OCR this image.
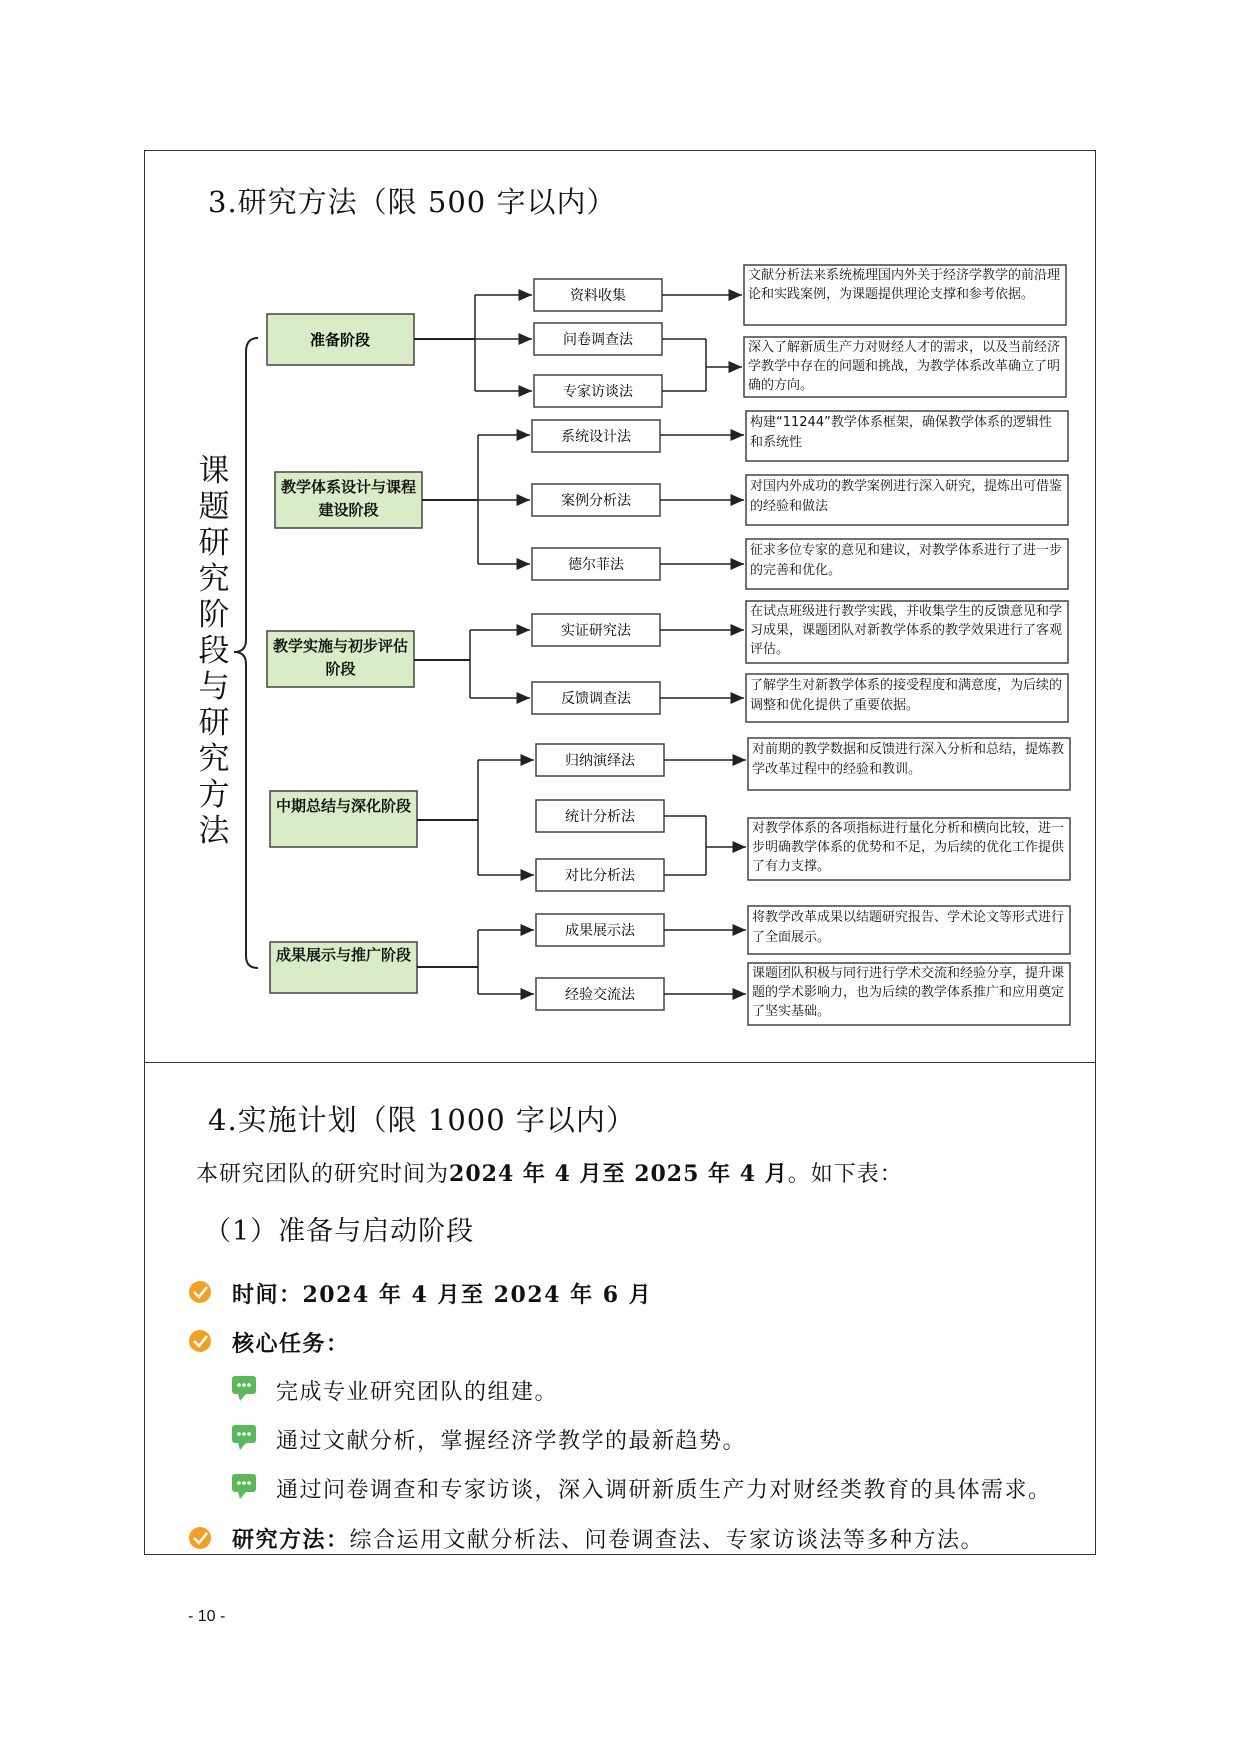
3.研究方法（限 500 字以内）
准备阶段
资料收集
问卷调查法
专家访谈法
文献分析法来系统梳理国内外关于经济学教学的前沿理论和实践案例，为课题提供理论支撑和参考依据。
深入了解新质生产力对财经人才的需求，以及当前经济学教学中存在的问题和挑战，为教学体系改革确立了明确的方向。
教学体系设计与课程建设阶段
系统设计法
案例分析法
德尔菲法
构建“11244”教学体系框架，确保教学体系的逻辑性和系统性
对国内外成功的教学案例进行深入研究，提炼出可借鉴的经验和做法
征求多位专家的意见和建议，对教学体系进行了进一步的完善和优化。
教学实施与初步评估阶段
实证研究法
反馈调查法
在试点班级进行教学实践，并收集学生的反馈意见和学习成果，课题团队对新教学体系的教学效果进行了客观评估。
了解学生对新教学体系的接受程度和满意度，为后续的调整和优化提供了重要依据。
中期总结与深化阶段
归纳演绎法
统计分析法
对比分析法
对前期的教学数据和反馈进行深入分析和总结，提炼教学改革过程中的经验和教训。
对教学体系的各项指标进行量化分析和横向比较，进一步明确教学体系的优势和不足，为后续的优化工作提供了有力支撑。
成果展示与推广阶段
成果展示法
经验交流法
将教学改革成果以结题研究报告、学术论文等形式进行了全面展示。
课题团队积极与同行进行学术交流和经验分享，提升课题的学术影响力，也为后续的教学体系推广和应用奠定了坚实基础。
课题研究阶段与研究方法
4.实施计划（限 1000 字以内）
本研究团队的研究时间为2024 年 4 月至 2025 年 4 月。如下表：
（1）准备与启动阶段
时间：2024 年 4 月至 2024 年 6 月
核心任务：
完成专业研究团队的组建。
通过文献分析，掌握经济学教学的最新趋势。
通过问卷调查和专家访谈，深入调研新质生产力对财经类教育的具体需求。
研究方法：综合运用文献分析法、问卷调查法、专家访谈法等多种方法。
- 10 -
